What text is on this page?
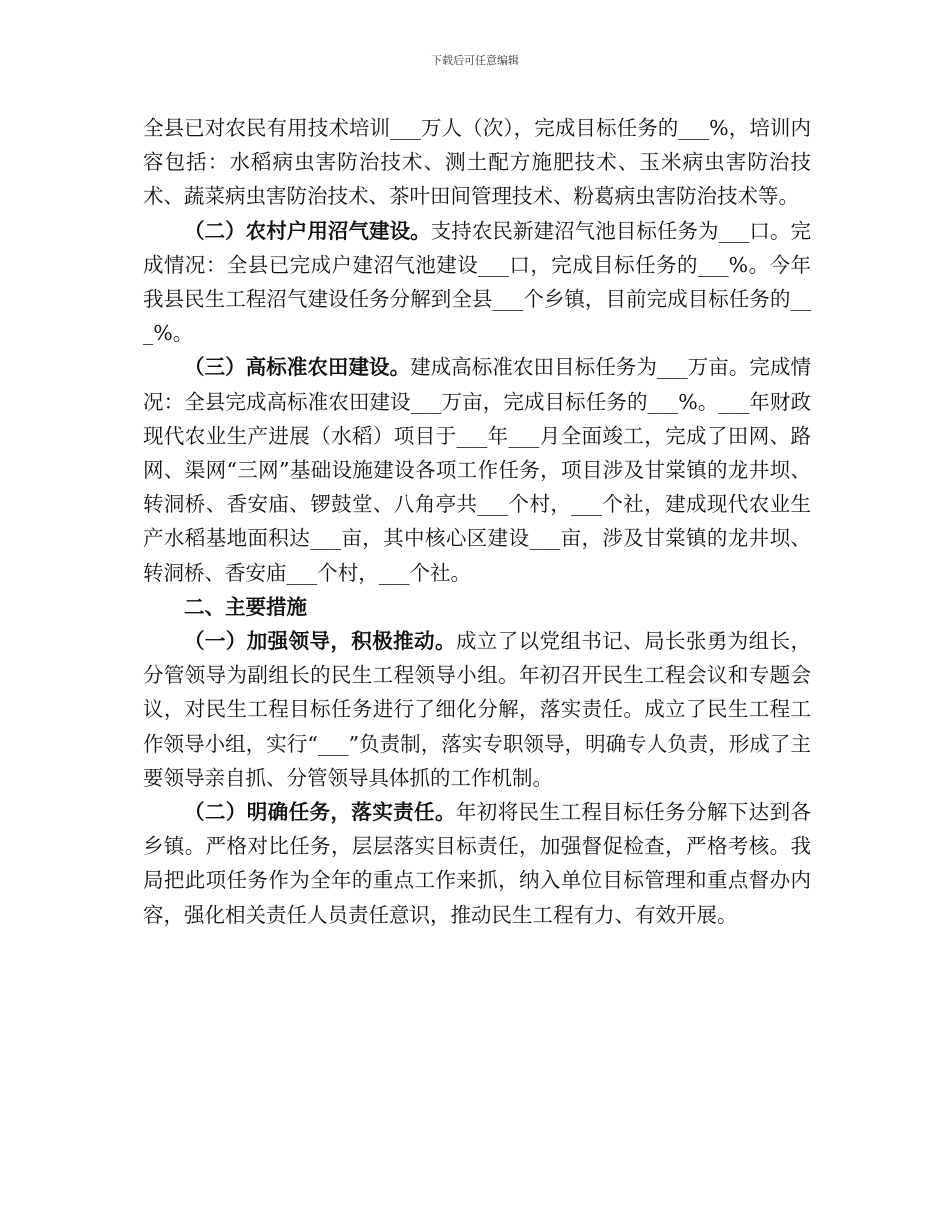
下载后可任意编辑

全县已对农民有用技术培训___万人（次），完成目标任务的___%，培训内容包括：水稻病虫害防治技术、测土配方施肥技术、玉米病虫害防治技术、蔬菜病虫害防治技术、茶叶田间管理技术、粉葛病虫害防治技术等。

（二）农村户用沼气建设。支持农民新建沼气池目标任务为___口。完成情况：全县已完成户建沼气池建设___口，完成目标任务的___%。今年我县民生工程沼气建设任务分解到全县___个乡镇，目前完成目标任务的___%。

（三）高标准农田建设。建成高标准农田目标任务为___万亩。完成情况：全县完成高标准农田建设___万亩，完成目标任务的___%。___年财政现代农业生产进展（水稻）项目于___年___月全面竣工，完成了田网、路网、渠网“三网”基础设施建设各项工作任务，项目涉及甘棠镇的龙井坝、转洞桥、香安庙、锣鼓堂、八角亭共___个村，___个社，建成现代农业生产水稻基地面积达___亩，其中核心区建设___亩，涉及甘棠镇的龙井坝、转洞桥、香安庙___个村，___个社。

二、主要措施

（一）加强领导，积极推动。成立了以党组书记、局长张勇为组长，分管领导为副组长的民生工程领导小组。年初召开民生工程会议和专题会议，对民生工程目标任务进行了细化分解，落实责任。成立了民生工程工作领导小组，实行“___”负责制，落实专职领导，明确专人负责，形成了主要领导亲自抓、分管领导具体抓的工作机制。

（二）明确任务，落实责任。年初将民生工程目标任务分解下达到各乡镇。严格对比任务，层层落实目标责任，加强督促检查，严格考核。我局把此项任务作为全年的重点工作来抓，纳入单位目标管理和重点督办内容，强化相关责任人员责任意识，推动民生工程有力、有效开展。
